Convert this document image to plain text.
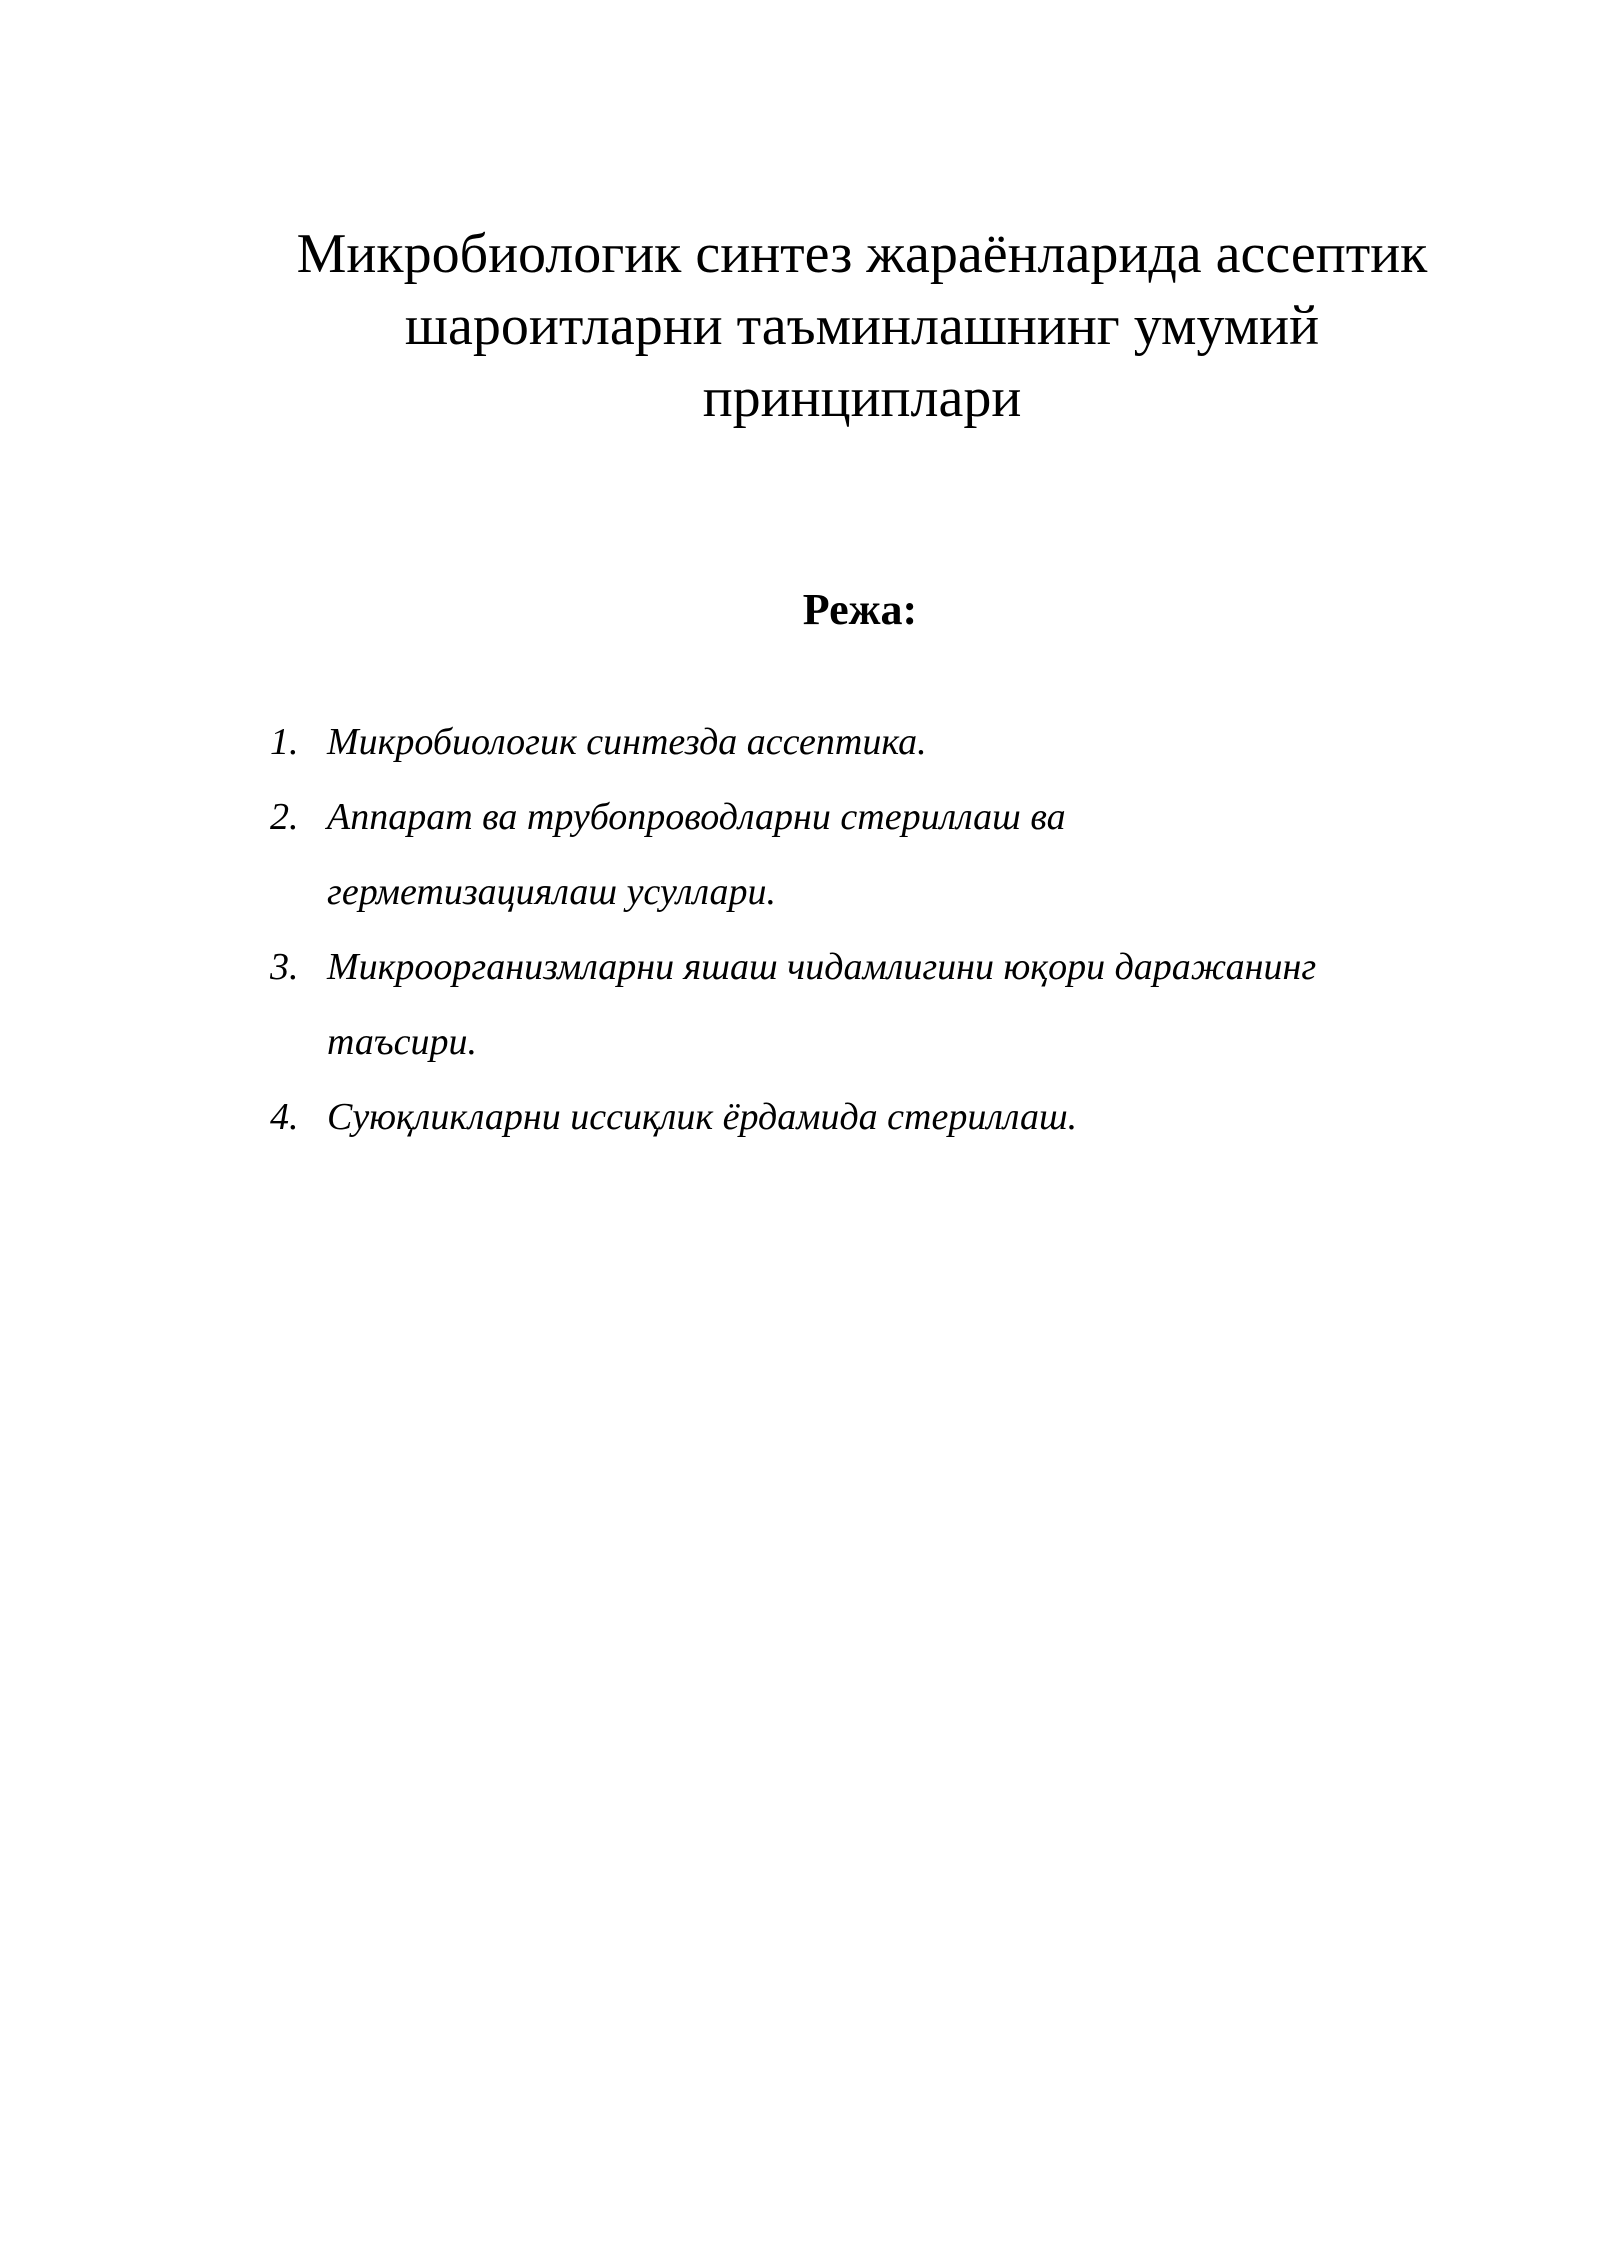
Микробиологик синтез жараёнларида ассептик
шароитларни таъминлашнинг умумий
принциплари
Режа:
1. Микробиологик синтезда ассептика.
2. Аппарат ва трубопроводларни стериллаш ва
герметизациялаш усуллари.
3. Микроорганизмларни яшаш чидамлигини юқори даражанинг
таъсири.
4. Суюқликларни иссиқлик ёрдамида стериллаш.
